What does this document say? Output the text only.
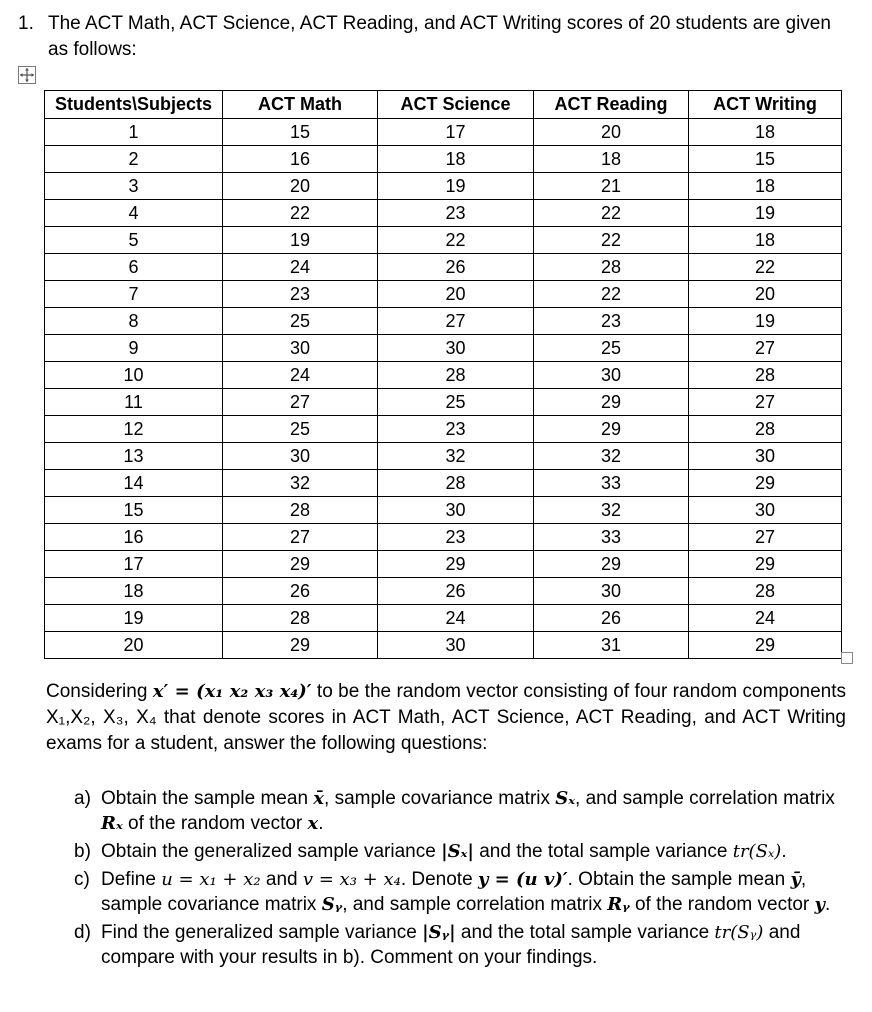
1. The ACT Math, ACT Science, ACT Reading, and ACT Writing scores of 20 students are given as follows:
Students\Subjects	ACT Math	ACT Science	ACT Reading	ACT Writing
1	15	17	20	18
2	16	18	18	15
3	20	19	21	18
4	22	23	22	19
5	19	22	22	18
6	24	26	28	22
7	23	20	22	20
8	25	27	23	19
9	30	30	25	27
10	24	28	30	28
11	27	25	29	27
12	25	23	29	28
13	30	32	32	30
14	32	28	33	29
15	28	30	32	30
16	27	23	33	27
17	29	29	29	29
18	26	26	30	28
19	28	24	26	24
20	29	30	31	29

Considering x′ = (x₁ x₂ x₃ x₄)′ to be the random vector consisting of four random components X₁,X₂, X₃, X₄ that denote scores in ACT Math, ACT Science, ACT Reading, and ACT Writing exams for a student, answer the following questions:

a) Obtain the sample mean x̄, sample covariance matrix Sₓ, and sample correlation matrix Rₓ of the random vector x.
b) Obtain the generalized sample variance |Sₓ| and the total sample variance tr(Sₓ).
c) Define u = x₁ + x₂ and v = x₃ + x₄. Denote y = (u v)′. Obtain the sample mean ȳ, sample covariance matrix Sᵧ, and sample correlation matrix Rᵧ of the random vector y.
d) Find the generalized sample variance |Sᵧ| and the total sample variance tr(Sᵧ) and compare with your results in b). Comment on your findings.
